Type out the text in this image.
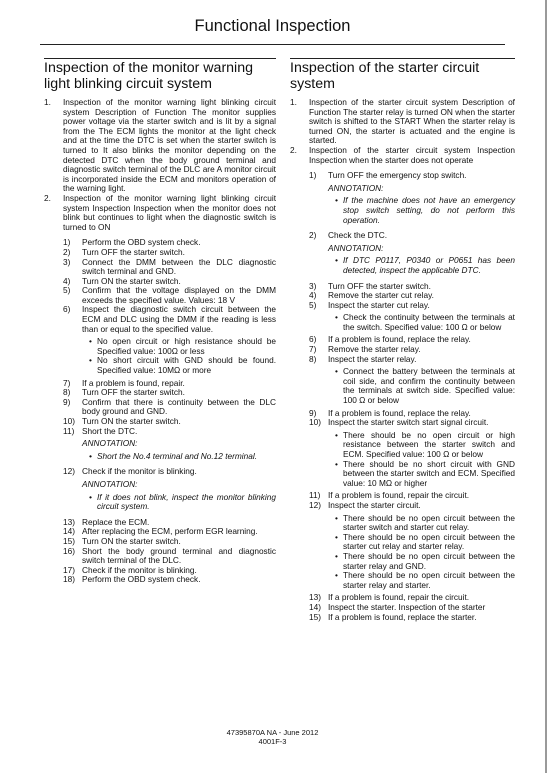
Functional Inspection
Inspection of the monitor warning light blinking circuit system
1.	Inspection of the monitor warning light blinking circuit system Description of Function The monitor supplies power voltage via the starter switch and is lit by a signal from the The ECM lights the monitor at the light check and at the time the DTC is set when the starter switch is turned to It also blinks the monitor depending on the detected DTC when the body ground terminal and diagnostic switch terminal of the DLC are A monitor circuit is incorporated inside the ECM and monitors operation of the warning light.
2.	Inspection of the monitor warning light blinking circuit system Inspection Inspection when the monitor does not blink but continues to light when the diagnostic switch is turned to ON
1)	Perform the OBD system check.
2)	Turn OFF the starter switch.
3)	Connect the DMM between the DLC diagnostic switch terminal and GND.
4)	Turn ON the starter switch.
5)	Confirm that the voltage displayed on the DMM exceeds the specified value. Values: 18 V
6)	Inspect the diagnostic switch circuit between the ECM and DLC using the DMM if the reading is less than or equal to the specified value.
• No open circuit or high resistance should be Specified value: 100Ω or less
• No short circuit with GND should be found. Specified value: 10MΩ or more
7)	If a problem is found, repair.
8)	Turn OFF the starter switch.
9)	Confirm that there is continuity between the DLC body ground and GND.
10) Turn ON the starter switch.
11) Short the DTC.
ANNOTATION:
• Short the No.4 terminal and No.12 terminal.
12) Check if the monitor is blinking.
ANNOTATION:
• If it does not blink, inspect the monitor blinking circuit system.
13) Replace the ECM.
14) After replacing the ECM, perform EGR learning.
15) Turn ON the starter switch.
16) Short the body ground terminal and diagnostic switch terminal of the DLC.
17) Check if the monitor is blinking.
18) Perform the OBD system check.
Inspection of the starter circuit system
1.	Inspection of the starter circuit system Description of Function The starter relay is turned ON when the starter switch is shifted to the START When the starter relay is turned ON, the starter is actuated and the engine is started.
2.	Inspection of the starter circuit system Inspection Inspection when the starter does not operate
1)	Turn OFF the emergency stop switch.
ANNOTATION:
• If the machine does not have an emergency stop switch setting, do not perform this operation.
2)	Check the DTC.
ANNOTATION:
• If DTC P0117, P0340 or P0651 has been detected, inspect the applicable DTC.
3)	Turn OFF the starter switch.
4)	Remove the starter cut relay.
5)	Inspect the starter cut relay.
• Check the continuity between the terminals at the switch. Specified value: 100 Ω or below
6)	If a problem is found, replace the relay.
7)	Remove the starter relay.
8)	Inspect the starter relay.
• Connect the battery between the terminals at coil side, and confirm the continuity between the terminals at switch side. Specified value: 100 Ω or below
9)	If a problem is found, replace the relay.
10) Inspect the starter switch start signal circuit.
• There should be no open circuit or high resistance between the starter switch and ECM. Specified value: 100 Ω or below
• There should be no short circuit with GND between the starter switch and ECM. Specified value: 10 MΩ or higher
11) If a problem is found, repair the circuit.
12) Inspect the starter circuit.
• There should be no open circuit between the starter switch and starter cut relay.
• There should be no open circuit between the starter cut relay and starter relay.
• There should be no open circuit between the starter relay and GND.
• There should be no open circuit between the starter relay and starter.
13) If a problem is found, repair the circuit.
14) Inspect the starter. Inspection of the starter
15) If a problem is found, replace the starter.
47395870A NA - June 2012
4001F-3
